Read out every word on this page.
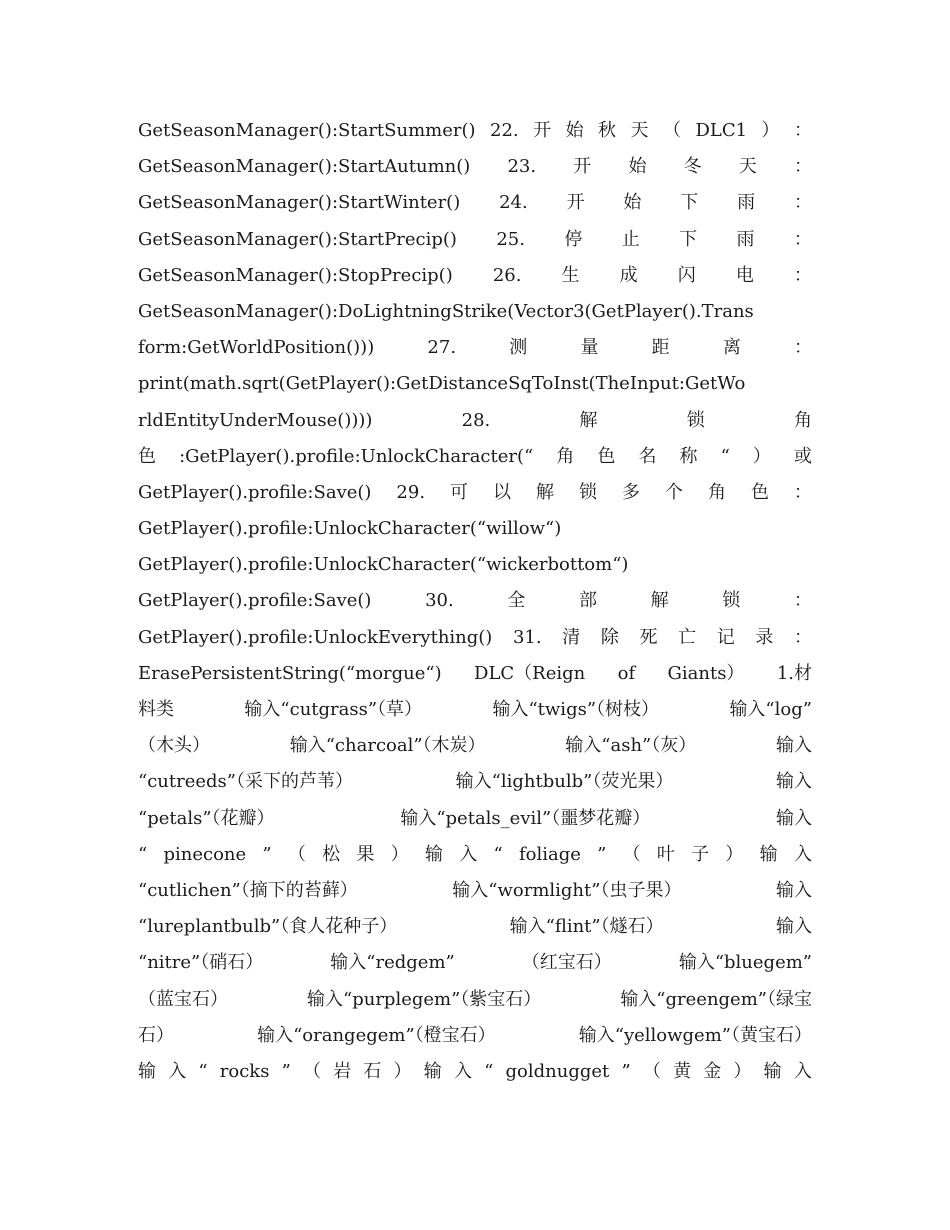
GetSeasonManager():StartSummer() 22. 开 始 秋 天 （ DLC1 ） ：
GetSeasonManager():StartAutumn() 23. 开 始 冬 天 ：
GetSeasonManager():StartWinter() 24. 开 始 下 雨 ：
GetSeasonManager():StartPrecip() 25. 停 止 下 雨 ：
GetSeasonManager():StopPrecip() 26. 生 成 闪 电 ：
GetSeasonManager():DoLightningStrike(Vector3(GetPlayer().Trans
form:GetWorldPosition()))	27.	测	量	距	离	：
print(math.sqrt(GetPlayer():GetDistanceSqToInst(TheInput:GetWo
rldEntityUnderMouse())))	28.	解	锁	角
色 :GetPlayer().profile:UnlockCharacter(“ 角 色 名 称 “ ） 或
GetPlayer().profile:Save() 29. 可 以 解 锁 多 个 角 色 ：
GetPlayer().profile:UnlockCharacter(“willow“)
GetPlayer().profile:UnlockCharacter(“wickerbottom“)
GetPlayer().profile:Save()	30.	全	部	解	锁	：
GetPlayer().profile:UnlockEverything() 31. 清 除 死 亡 记 录 ：
ErasePersistentString(“morgue“) DLC（Reign of Giants） 1.材
料类	输入“cutgrass”（草）	输入“twigs”（树枝）	输入“log”
（木头）	输入“charcoal”（木炭）	输入“ash”（灰）	输入
“cutreeds”（采下的芦苇）	输入“lightbulb”（荧光果）	输入
“petals”（花瓣）	输入“petals_evil”（噩梦花瓣）	输入
“ pinecone ” （ 松 果 ） 输 入 “ foliage ” （ 叶 子 ） 输 入
“cutlichen”（摘下的苔藓）	输入“wormlight”（虫子果）	输入
“lureplantbulb”（食人花种子）	输入“flint”（燧石）	输入
“nitre”（硝石）	输入“redgem”	（红宝石）	输入“bluegem”
（蓝宝石）	输入“purplegem”（紫宝石）	输入“greengem”（绿宝
石）	输入“orangegem”（橙宝石）	输入“yellowgem”（黄宝石）
输 入 “ rocks ” （ 岩 石 ） 输 入 “ goldnugget ” （ 黄 金 ） 输 入
